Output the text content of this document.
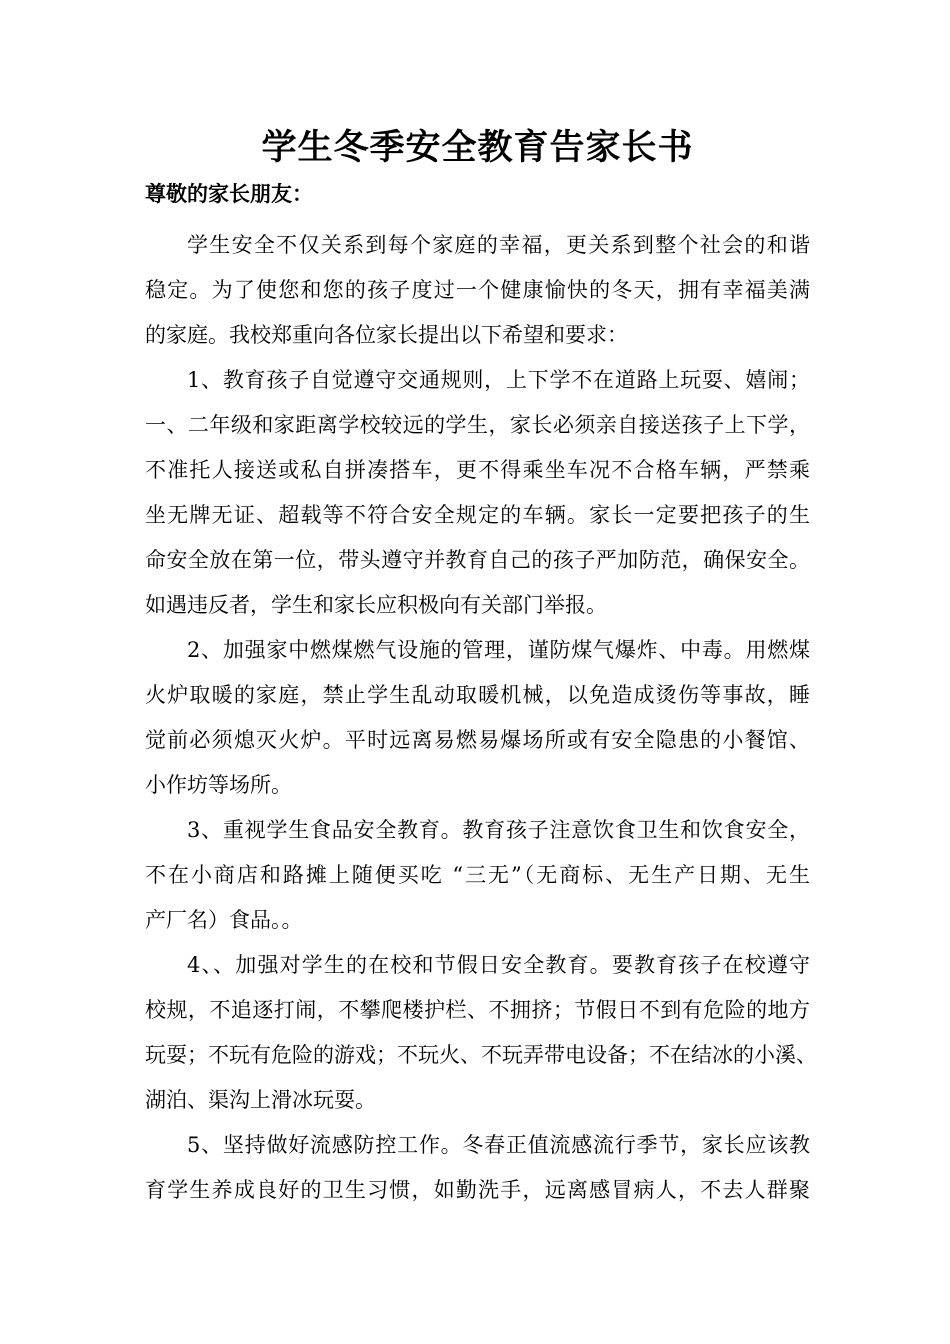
学生冬季安全教育告家长书
尊敬的家长朋友：

学生安全不仅关系到每个家庭的幸福，更关系到整个社会的和谐
稳定。为了使您和您的孩子度过一个健康愉快的冬天，拥有幸福美满
的家庭。我校郑重向各位家长提出以下希望和要求：

1、教育孩子自觉遵守交通规则，上下学不在道路上玩耍、嬉闹；
一、二年级和家距离学校较远的学生，家长必须亲自接送孩子上下学，
不准托人接送或私自拼凑搭车，更不得乘坐车况不合格车辆，严禁乘
坐无牌无证、超载等不符合安全规定的车辆。家长一定要把孩子的生
命安全放在第一位，带头遵守并教育自己的孩子严加防范，确保安全。
如遇违反者，学生和家长应积极向有关部门举报。

2、加强家中燃煤燃气设施的管理，谨防煤气爆炸、中毒。用燃煤
火炉取暖的家庭，禁止学生乱动取暖机械，以免造成烫伤等事故，睡
觉前必须熄灭火炉。平时远离易燃易爆场所或有安全隐患的小餐馆、
小作坊等场所。

3、重视学生食品安全教育。教育孩子注意饮食卫生和饮食安全，
不在小商店和路摊上随便买吃 “三无”（无商标、无生产日期、无生
产厂名）食品。。

4、、加强对学生的在校和节假日安全教育。要教育孩子在校遵守
校规，不追逐打闹，不攀爬楼护栏、不拥挤；节假日不到有危险的地方
玩耍；不玩有危险的游戏；不玩火、不玩弄带电设备；不在结冰的小溪、
湖泊、渠沟上滑冰玩耍。

5、坚持做好流感防控工作。冬春正值流感流行季节，家长应该教
育学生养成良好的卫生习惯，如勤洗手，远离感冒病人，不去人群聚
